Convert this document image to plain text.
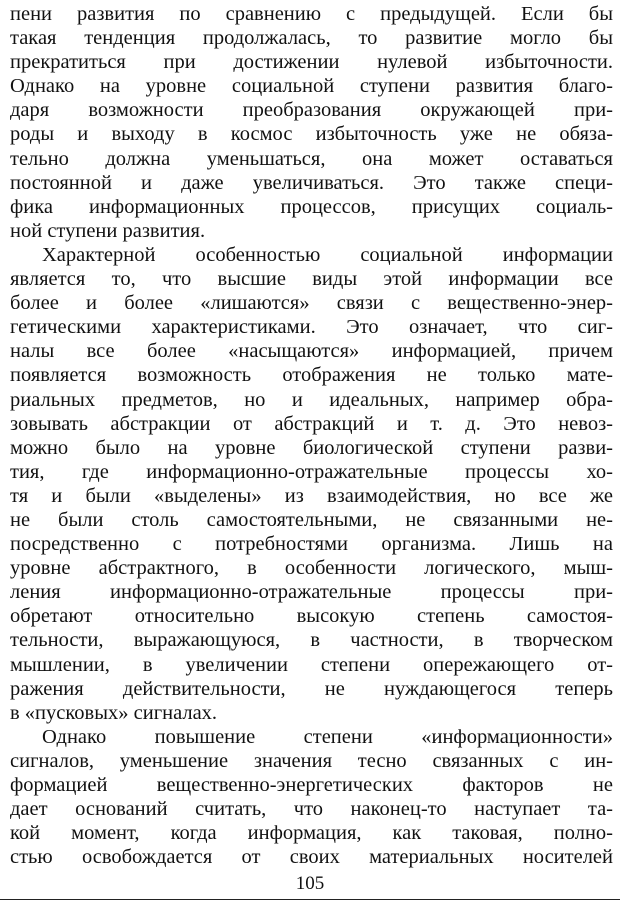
пени развития по сравнению с предыдущей. Если бы
такая тенденция продолжалась, то развитие могло бы
прекратиться при достижении нулевой избыточности.
Однако на уровне социальной ступени развития благо-
даря возможности преобразования окружающей при-
роды и выходу в космос избыточность уже не обяза-
тельно должна уменьшаться, она может оставаться
постоянной и даже увеличиваться. Это также специ-
фика информационных процессов, присущих социаль-
ной ступени развития.
Характерной особенностью социальной информации
является то, что высшие виды этой информации все
более и более «лишаются» связи с вещественно-энер-
гетическими характеристиками. Это означает, что сиг-
налы все более «насыщаются» информацией, причем
появляется возможность отображения не только мате-
риальных предметов, но и идеальных, например обра-
зовывать абстракции от абстракций и т. д. Это невоз-
можно было на уровне биологической ступени разви-
тия, где информационно-отражательные процессы хо-
тя и были «выделены» из взаимодействия, но все же
не были столь самостоятельными, не связанными не-
посредственно с потребностями организма. Лишь на
уровне абстрактного, в особенности логического, мыш-
ления информационно-отражательные процессы при-
обретают относительно высокую степень самостоя-
тельности, выражающуюся, в частности, в творческом
мышлении, в увеличении степени опережающего от-
ражения действительности, не нуждающегося теперь
в «пусковых» сигналах.
Однако повышение степени «информационности»
сигналов, уменьшение значения тесно связанных с ин-
формацией вещественно-энергетических факторов не
дает оснований считать, что наконец-то наступает та-
кой момент, когда информация, как таковая, полно-
стью освобождается от своих материальных носителей
105
